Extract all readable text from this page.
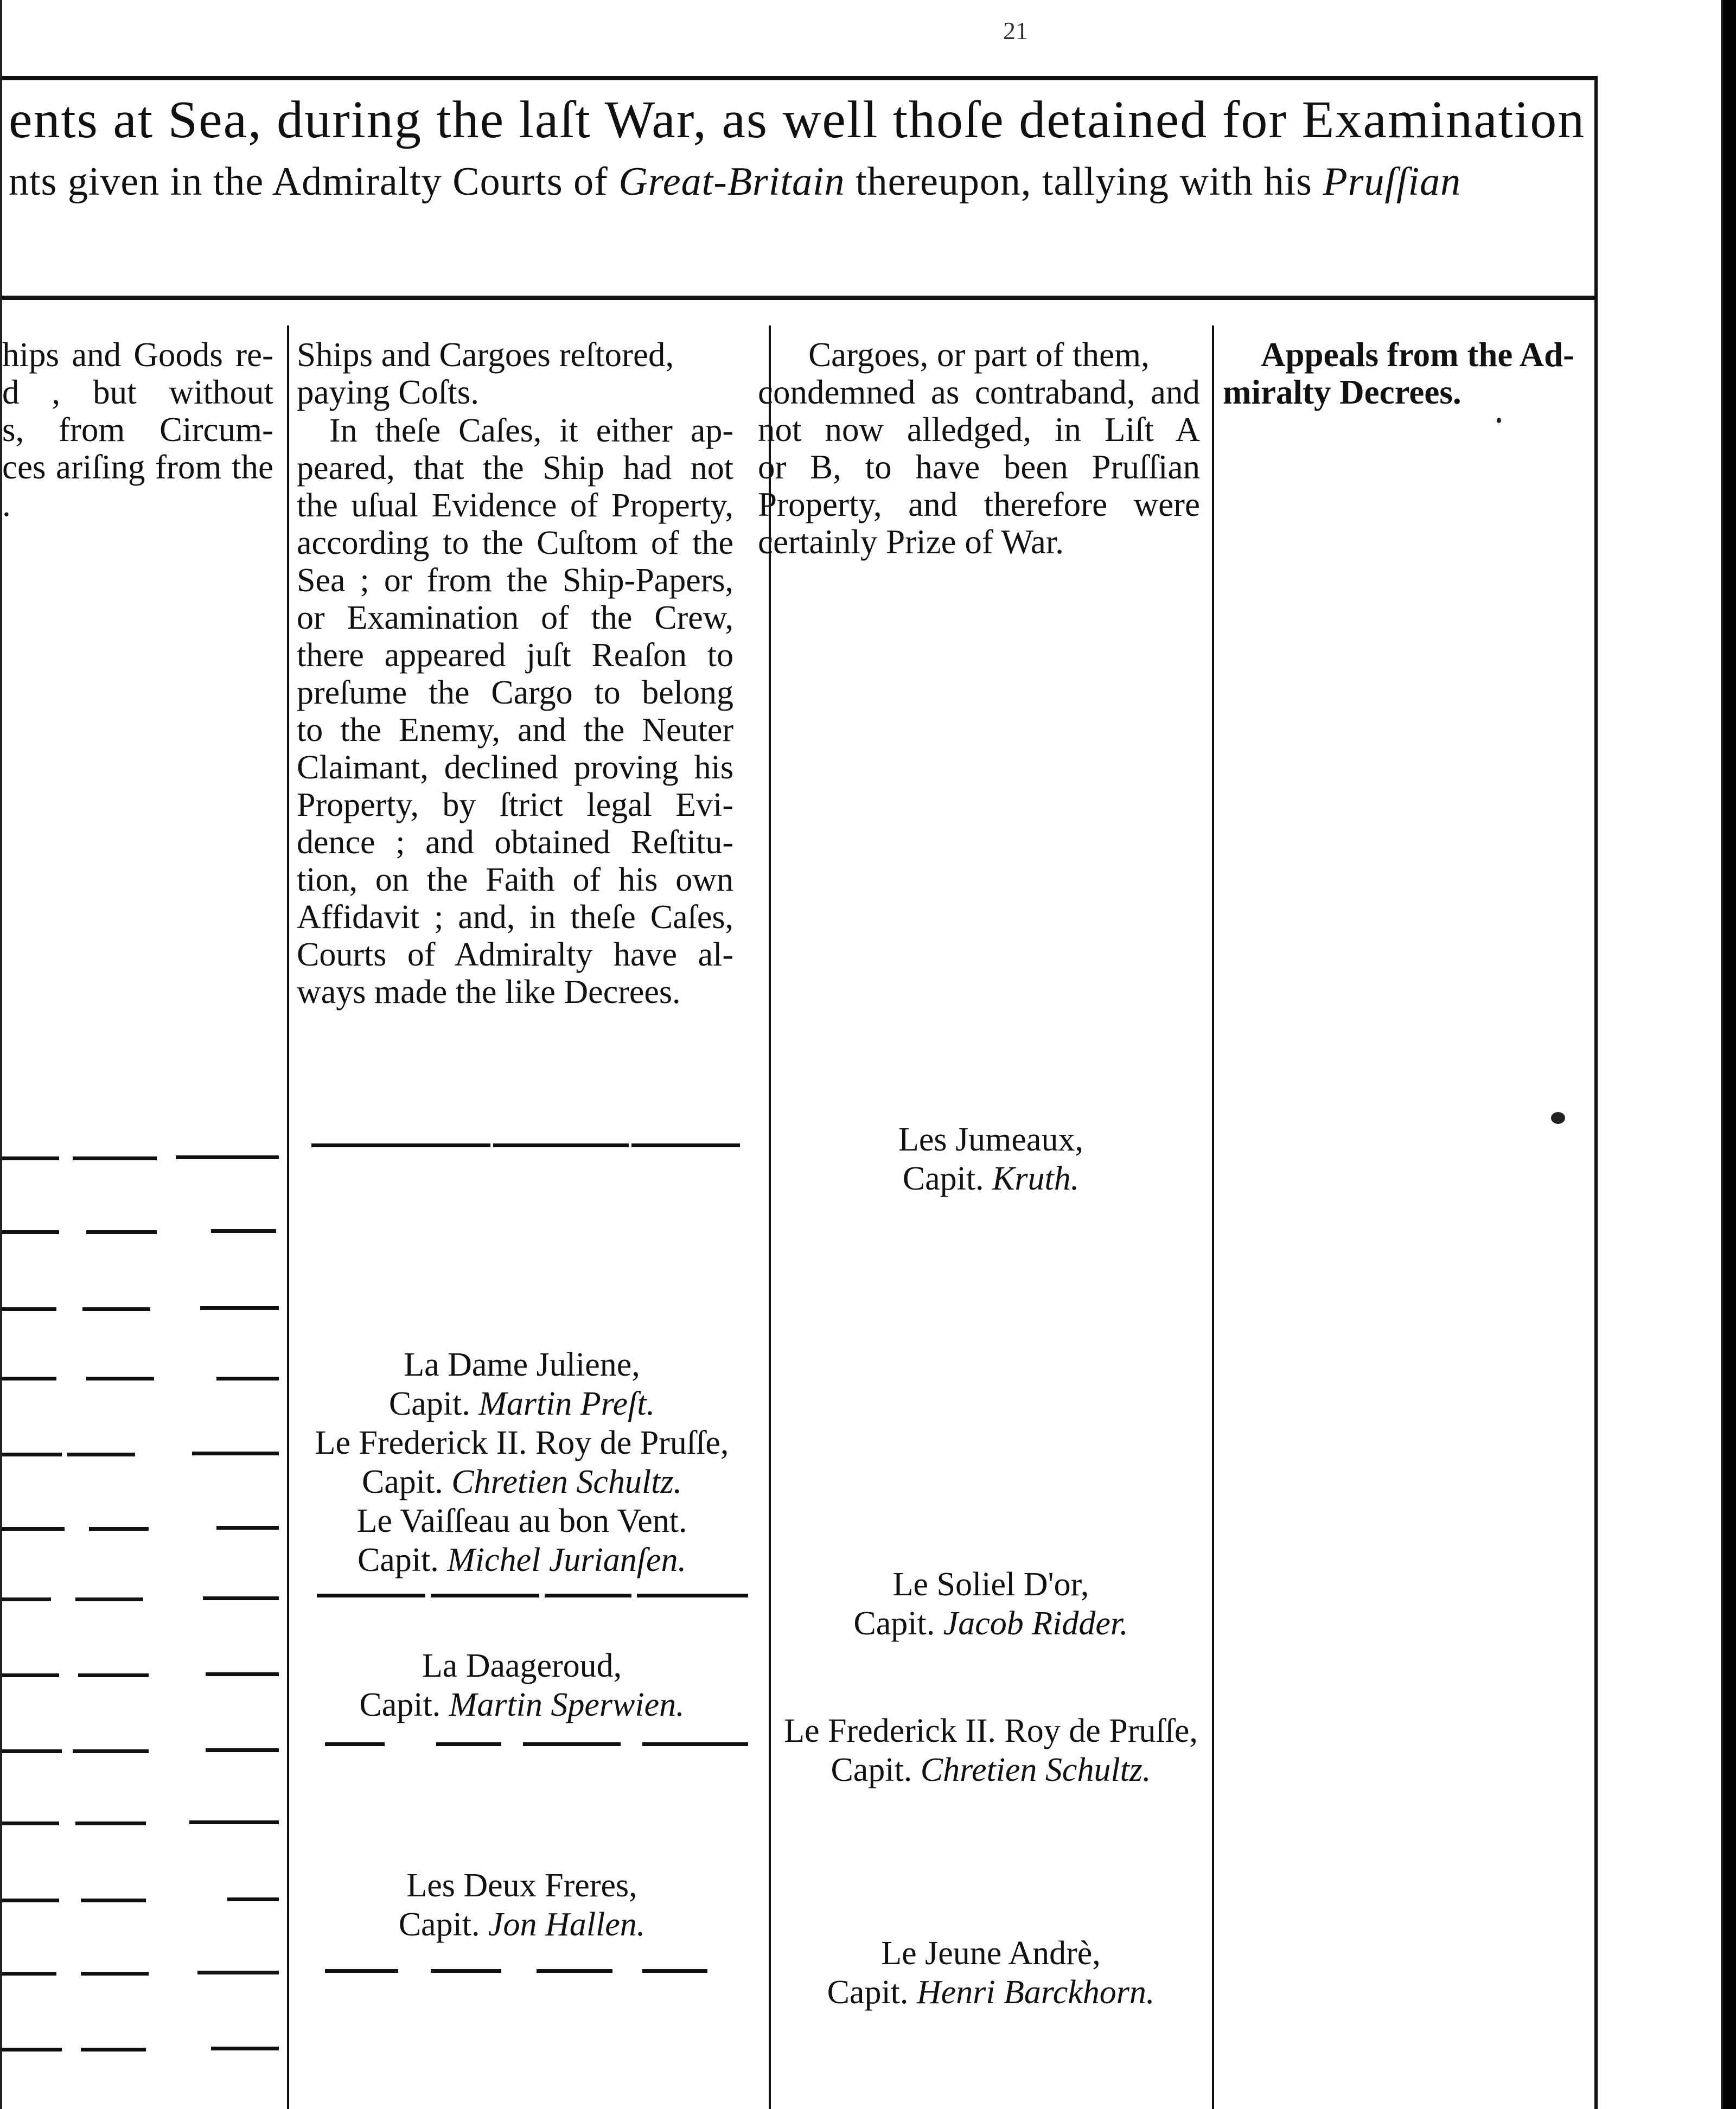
21
ents at Sea, during the laſt War, as well thoſe detained for Examination
nts given in the Admiralty Courts of Great-Britain thereupon, tallying with his Pruſſian
hips and Goods re-
d , but without
s, from Circum-
ces ariſing from the
.
Ships and Cargoes reſtored,
paying Coſts.
In theſe Caſes, it either ap-
peared, that the Ship had not
the uſual Evidence of Property,
according to the Cuſtom of the
Sea ; or from the Ship-Papers,
or Examination of the Crew,
there appeared juſt Reaſon to
preſume the Cargo to belong
to the Enemy, and the Neuter
Claimant, declined proving his
Property, by ſtrict legal Evi-
dence ; and obtained Reſtitu-
tion, on the Faith of his own
Affidavit ; and, in theſe Caſes,
Courts of Admiralty have al-
ways made the like Decrees.
Cargoes, or part of them,
condemned as contraband, and
not now alledged, in Liſt A
or B, to have been Pruſſian
Property, and therefore were
certainly Prize of War.
Appeals from the Ad-
miralty Decrees.
La Dame Juliene,
Capit. Martin Preſt.
Le Frederick II. Roy de Pruſſe,
Capit. Chretien Schultz.
Le Vaiſſeau au bon Vent.
Capit. Michel Jurianſen.
La Daageroud,
Capit. Martin Sperwien.
Les Deux Freres,
Capit. Jon Hallen.
Les Jumeaux,
Capit. Kruth.
Le Soliel D'or,
Capit. Jacob Ridder.
Le Frederick II. Roy de Pruſſe,
Capit. Chretien Schultz.
Le Jeune Andrè,
Capit. Henri Barckhorn.
